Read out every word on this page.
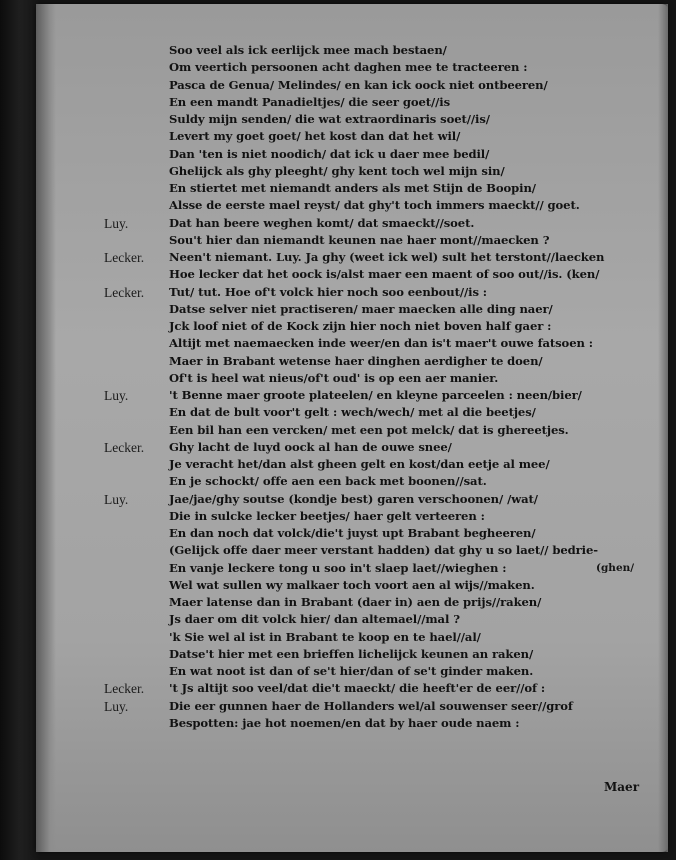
Soo veel als ick eerlijck mee mach bestaen/
Om veertich persoonen acht daghen mee te tracteeren :
Pasca de Genua/ Melindes/ en kan ick oock niet ontbeeren/
En een mandt Panadieltjes/ die seer goet//is
Suldy mijn senden/ die wat extraordinaris soet//is/
Levert my goet goet/ het kost dan dat het wil/
Dan 'ten is niet noodich/ dat ick u daer mee bedil/
Ghelijck als ghy pleeght/ ghy kent toch wel mijn sin/
En stiertet met niemandt anders als met Stijn de Boopin/
Alsse de eerste mael reyst/ dat ghy't toch immers maeckt// goet.
Luy.	Dat han beere weghen komt/ dat smaeckt//soet.
Sou't hier dan niemandt keunen nae haer mont//maecken ?
Lecker. Neen't niemant. Luy. Ja ghy (weet ick wel) sult het terstont//laecken
Hoe lecker dat het oock is/alst maer een maent of soo out//is. (ken/
Lecker. Tut/ tut. Hoe of't volck hier noch soo eenbout//is :
Datse selver niet practiseren/ maer maecken alle ding naer/
Jck loof niet of de Kock zijn hier noch niet boven half gaer :
Altijt met naemaecken inde weer/en dan is't maer't ouwe fatsoen :
Maer in Brabant wetense haer dinghen aerdigher te doen/
Of't is heel wat nieus/of't oud' is op een aer manier.
Luy.	't Benne maer groote plateelen/ en kleyne parceelen : neen/bier/
En dat de bult voor't gelt : wech/wech/ met al die beetjes/
Een bil han een vercken/ met een pot melck/ dat is ghereetjes.
Lecker. Ghy lacht de luyd oock al han de ouwe snee/
Je veracht het/dan alst gheen gelt en kost/dan eetje al mee/
En je schockt/ offe aen een back met boonen//sat.
Luy.	Jae/jae/ghy soutse (kondje best) garen verschoonen/ /wat/
Die in sulcke lecker beetjes/ haer gelt verteeren :
En dan noch dat volck/die't juyst upt Brabant begheeren/
(Gelijck offe daer meer verstant hadden) dat ghy u so laet// bedrie-
En vanje leckere tong u soo in't slaep laet//wieghen :	(ghen/
Wel wat sullen wy malkaer toch voort aen al wijs//maken.
Maer latense dan in Brabant (daer in) aen de prijs//raken/
Js daer om dit volck hier/ dan altemael//mal ?
'k Sie wel al ist in Brabant te koop en te hael//al/
Datse't hier met een brieffen lichelijck keunen an raken/
En wat noot ist dan of se't hier/dan of se't ginder maken.
Lecker. 't Js altijt soo veel/dat die't maeckt/ die heeft'er de eer//of :
Luy.	Die eer gunnen haer de Hollanders wel/al souwenser seer//grof
Bespotten: jae hot noemen/en dat by haer oude naem :
Maer
